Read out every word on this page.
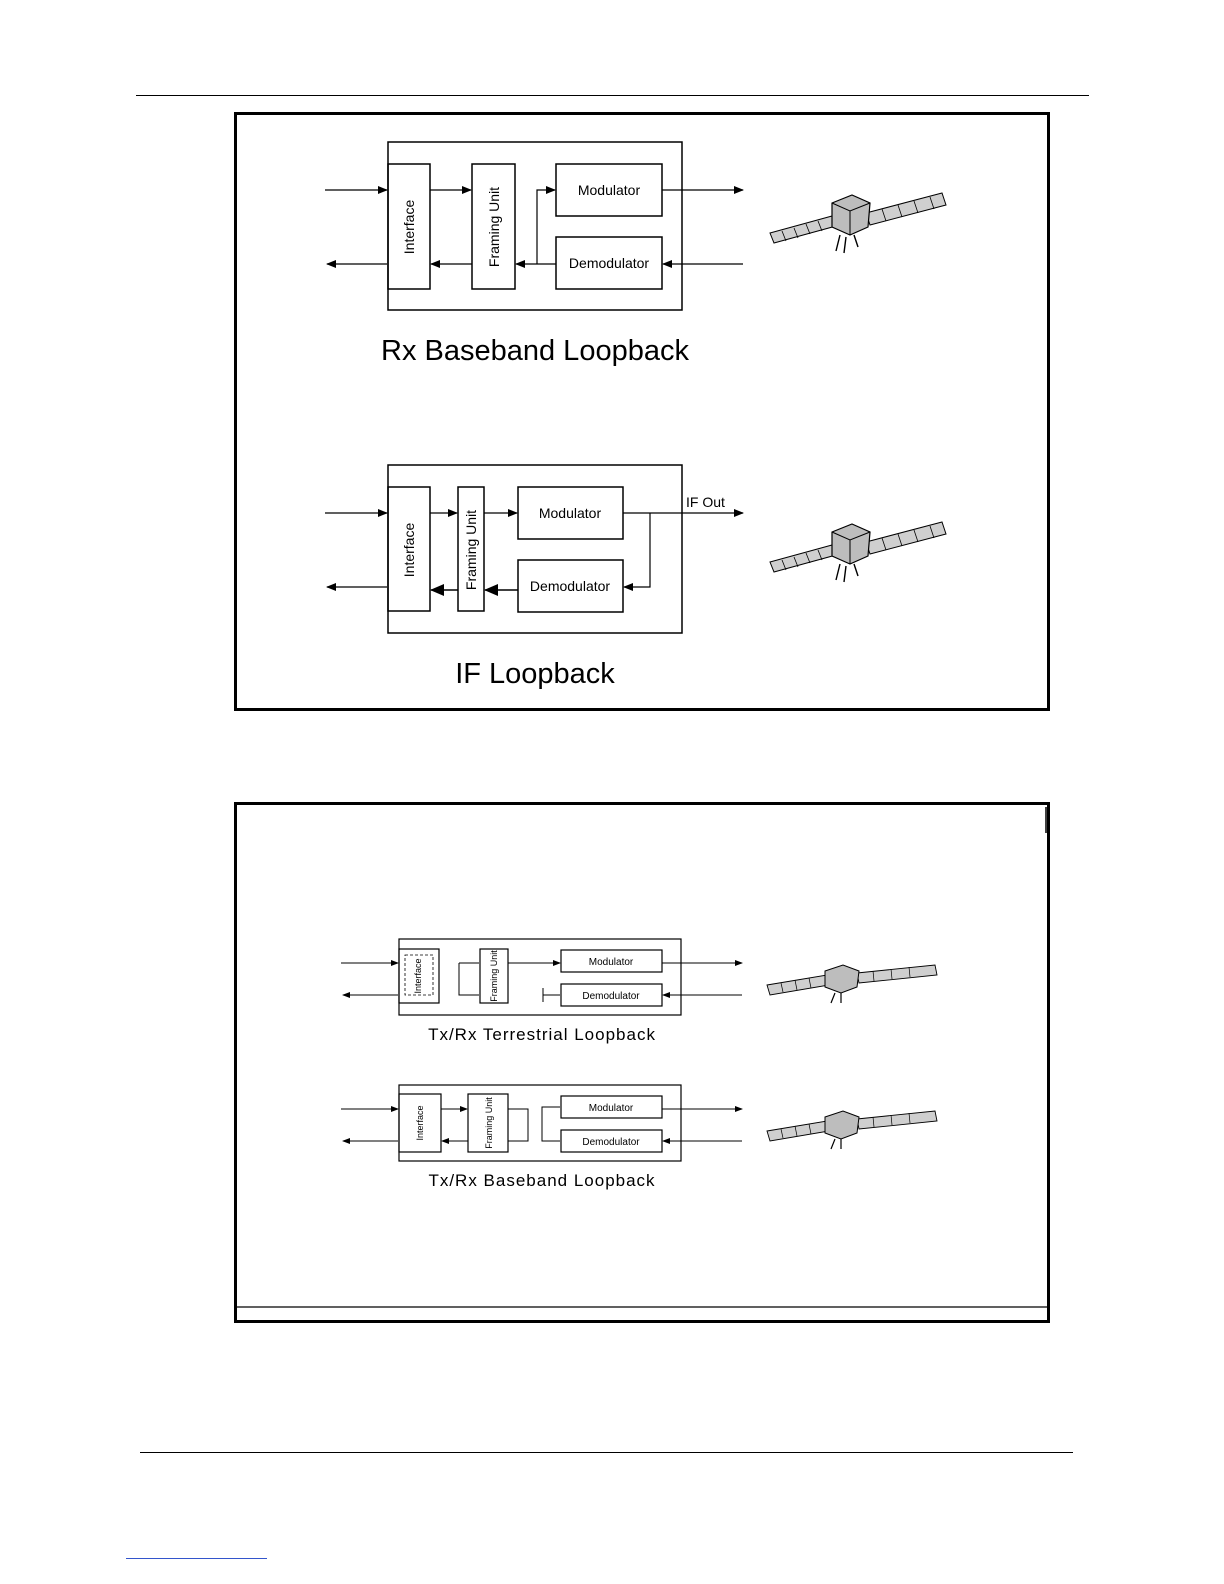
Interface	Framing Unit	Modulator
Demodulator
Rx Baseband Loopback
Interface	Framing Unit	Modulator
Demodulator
IF Out
IF Loopback
Interface	Framing Unit	Modulator
Demodulator
Tx/Rx Terrestrial Loopback
Interface	Framing Unit	Modulator
Demodulator
Tx/Rx Baseband Loopback
